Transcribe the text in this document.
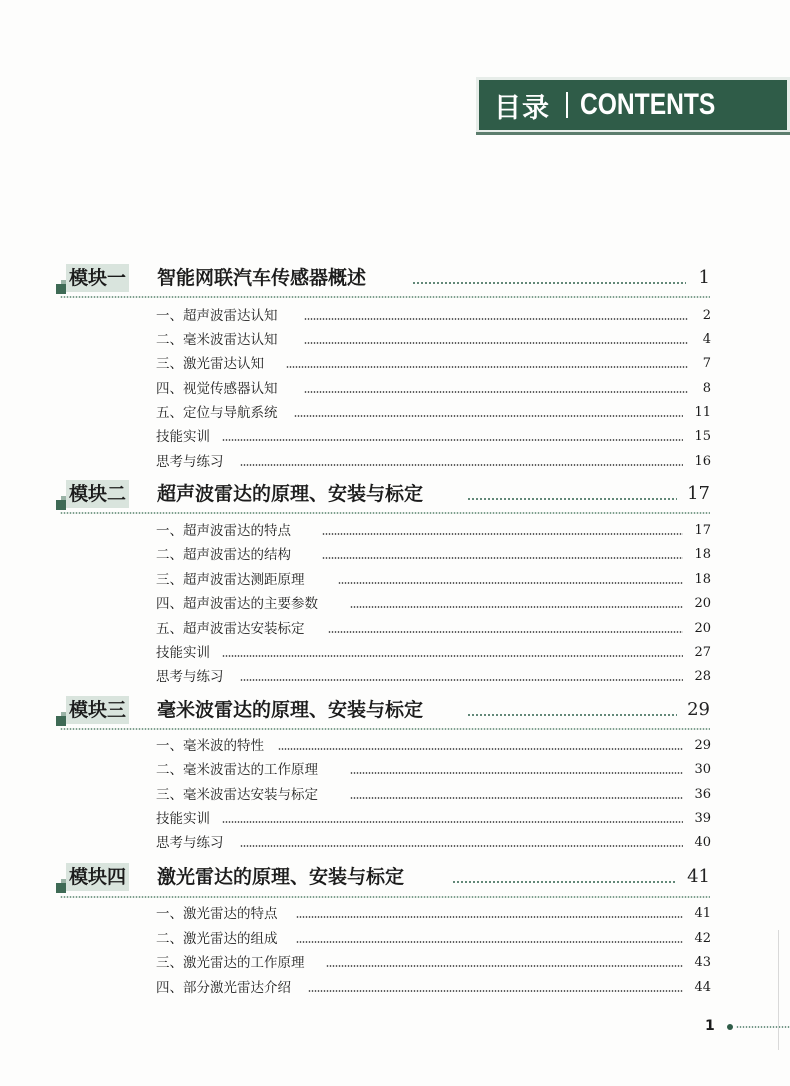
目录 CONTENTS
模块一 智能网联汽车传感器概述	1
一、超声波雷达认知	2
二、毫米波雷达认知	4
三、激光雷达认知	7
四、视觉传感器认知	8
五、定位与导航系统	11
技能实训	15
思考与练习	16
模块二 超声波雷达的原理、安装与标定	17
一、超声波雷达的特点	17
二、超声波雷达的结构	18
三、超声波雷达测距原理	18
四、超声波雷达的主要参数	20
五、超声波雷达安装标定	20
技能实训	27
思考与练习	28
模块三 毫米波雷达的原理、安装与标定	29
一、毫米波的特性	29
二、毫米波雷达的工作原理	30
三、毫米波雷达安装与标定	36
技能实训	39
思考与练习	40
模块四 激光雷达的原理、安装与标定	41
一、激光雷达的特点	41
二、激光雷达的组成	42
三、激光雷达的工作原理	43
四、部分激光雷达介绍	44
1
